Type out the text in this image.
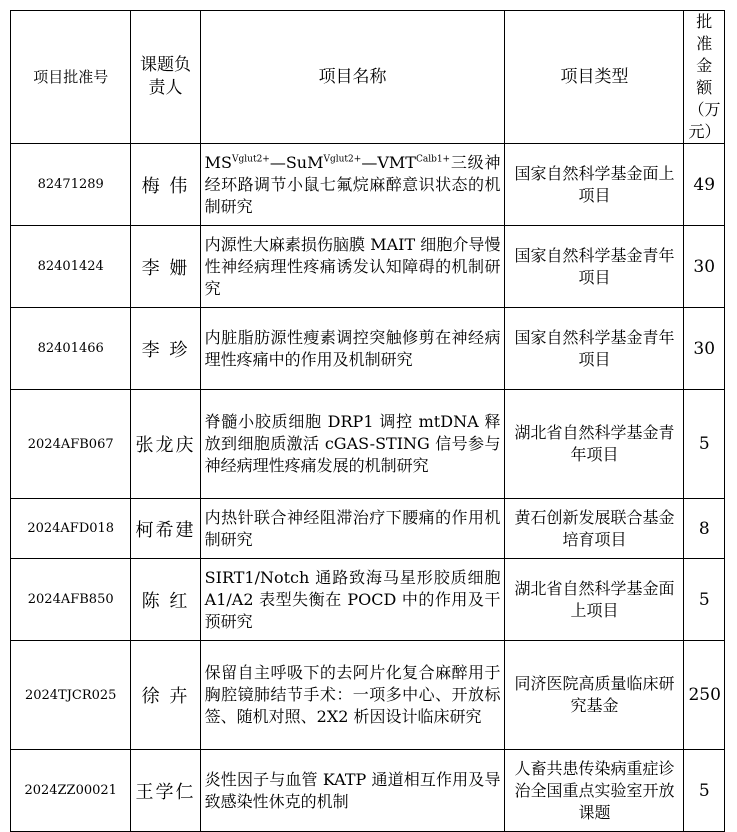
项目批准号	课题负责人	项目名称	项目类型	批准金额（万元）
82471289	梅 伟	$MS^{Vglut2+}—SuM^{Vglut2+}—VMT^{Calb1+}$三级神经环路调节小鼠七氟烷麻醉意识状态的机制研究	国家自然科学基金面上项目	49
82401424	李 姗	内源性大麻素损伤脑膜 MAIT 细胞介导慢性神经病理性疼痛诱发认知障碍的机制研究	国家自然科学基金青年项目	30
82401466	李 珍	内脏脂肪源性瘦素调控突触修剪在神经病理性疼痛中的作用及机制研究	国家自然科学基金青年项目	30
2024AFB067	张龙庆	脊髓小胶质细胞 DRP1 调控 mtDNA 释放到细胞质激活 cGAS-STING 信号参与神经病理性疼痛发展的机制研究	湖北省自然科学基金青年项目	5
2024AFD018	柯希建	内热针联合神经阻滞治疗下腰痛的作用机制研究	黄石创新发展联合基金培育项目	8
2024AFB850	陈 红	SIRT1/Notch 通路致海马星形胶质细胞 A1/A2 表型失衡在 POCD 中的作用及干预研究	湖北省自然科学基金面上项目	5
2024TJCR025	徐 卉	保留自主呼吸下的去阿片化复合麻醉用于胸腔镜肺结节手术：一项多中心、开放标签、随机对照、2X2 析因设计临床研究	同济医院高质量临床研究基金	250
2024ZZ00021	王学仁	炎性因子与血管 KATP 通道相互作用及导致感染性休克的机制	人畜共患传染病重症诊治全国重点实验室开放课题	5
